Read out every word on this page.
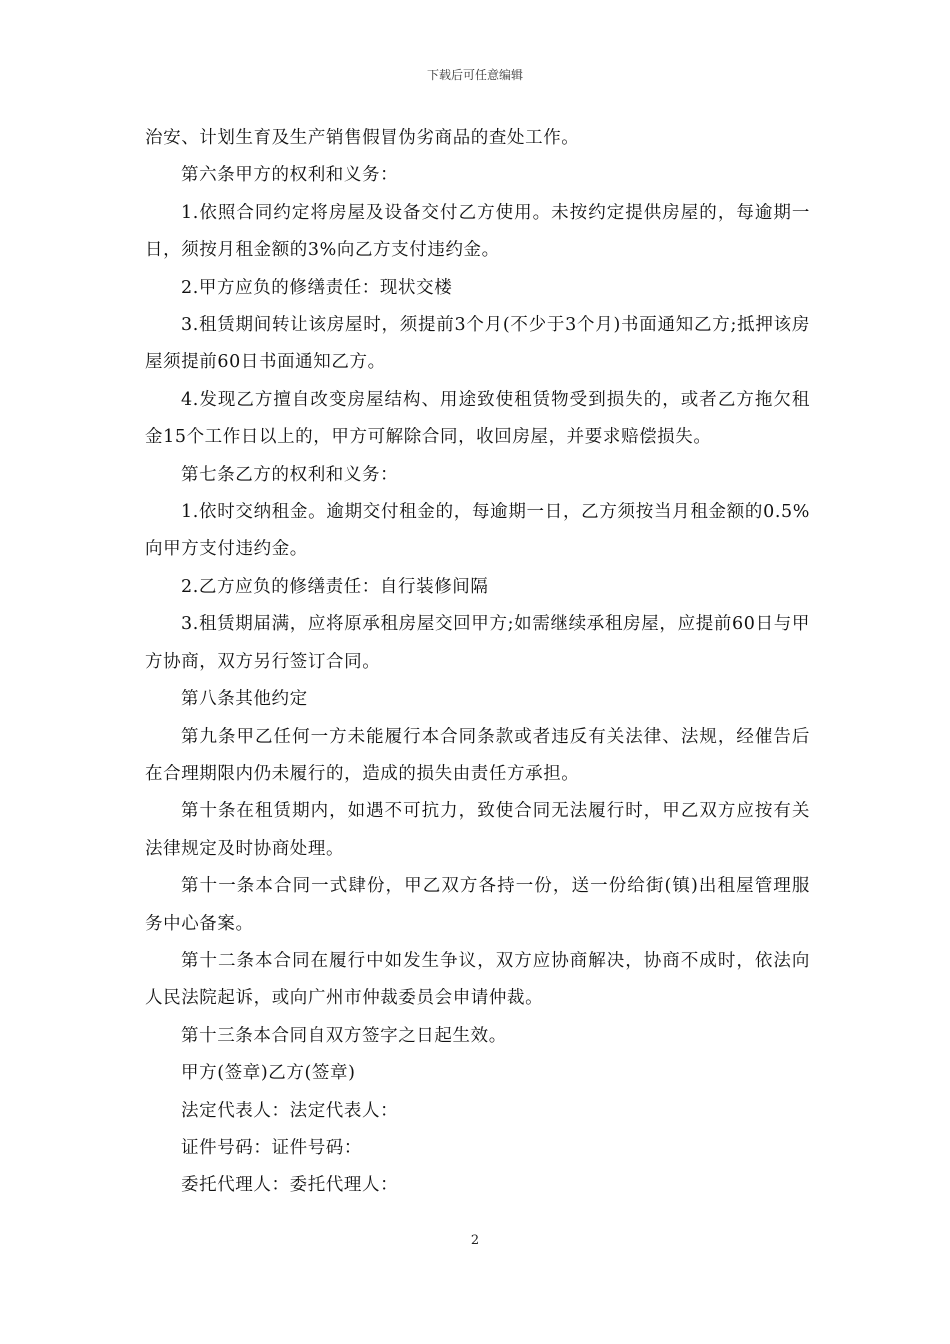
下载后可任意编辑

治安、计划生育及生产销售假冒伪劣商品的查处工作。

第六条甲方的权利和义务：

1.依照合同约定将房屋及设备交付乙方使用。未按约定提供房屋的，每逾期一日，须按月租金额的3%向乙方支付违约金。

2.甲方应负的修缮责任：现状交楼

3.租赁期间转让该房屋时，须提前3个月(不少于3个月)书面通知乙方;抵押该房屋须提前60日书面通知乙方。

4.发现乙方擅自改变房屋结构、用途致使租赁物受到损失的，或者乙方拖欠租金15个工作日以上的，甲方可解除合同，收回房屋，并要求赔偿损失。

第七条乙方的权利和义务：

1.依时交纳租金。逾期交付租金的，每逾期一日，乙方须按当月租金额的0.5%向甲方支付违约金。

2.乙方应负的修缮责任：自行装修间隔

3.租赁期届满，应将原承租房屋交回甲方;如需继续承租房屋，应提前60日与甲方协商，双方另行签订合同。

第八条其他约定

第九条甲乙任何一方未能履行本合同条款或者违反有关法律、法规，经催告后在合理期限内仍未履行的，造成的损失由责任方承担。

第十条在租赁期内，如遇不可抗力，致使合同无法履行时，甲乙双方应按有关法律规定及时协商处理。

第十一条本合同一式肆份，甲乙双方各持一份，送一份给街(镇)出租屋管理服务中心备案。

第十二条本合同在履行中如发生争议，双方应协商解决，协商不成时，依法向人民法院起诉，或向广州市仲裁委员会申请仲裁。

第十三条本合同自双方签字之日起生效。

甲方(签章)乙方(签章)

法定代表人：法定代表人：

证件号码：证件号码：

委托代理人：委托代理人：

2
